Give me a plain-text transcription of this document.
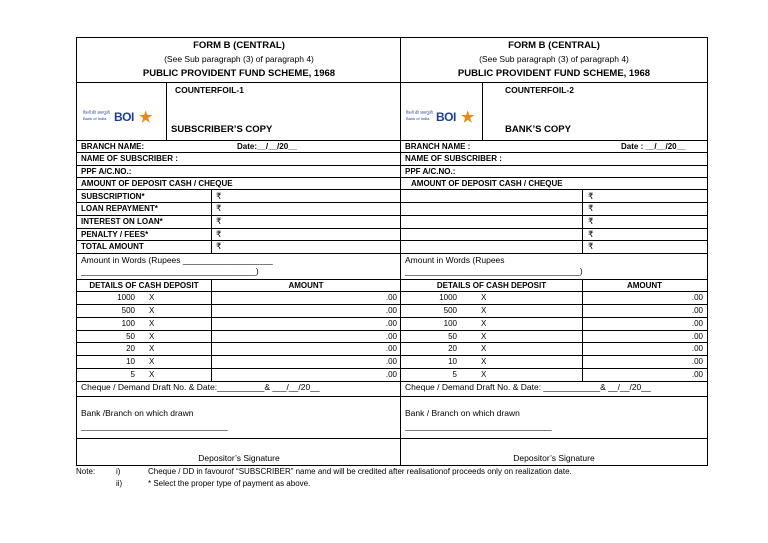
FORM B (CENTRAL)
(See Sub paragraph (3) of paragraph 4)
PUBLIC PROVIDENT FUND SCHEME, 1968
COUNTERFOIL-1
SUBSCRIBER’S COPY
रिश्तों की जमापूंजी
Bank of India BOI ★
BRANCH NAME:	Date:__/__/20__
NAME OF SUBSCRIBER :
PPF A/C.NO.:
AMOUNT OF DEPOSIT CASH / CHEQUE
SUBSCRIPTION*	₹
LOAN REPAYMENT*	₹
INTEREST ON LOAN*	₹
PENALTY / FEES*	₹
TOTAL AMOUNT	₹
Amount in Words (Rupees ___________________
_____________________________________)
DETAILS OF CASH DEPOSIT	AMOUNT
1000 X	.00
500 X	.00
100 X	.00
50 X	.00
20 X	.00
10 X	.00
5 X	.00
Cheque / Demand Draft No. & Date:__________& ___/__/20__
Bank /Branch on which drawn
_______________________________
Depositor’s Signature
FORM B (CENTRAL)
(See Sub paragraph (3) of paragraph 4)
PUBLIC PROVIDENT FUND SCHEME, 1968
COUNTERFOIL-2
BANK’S COPY
रिश्तों की जमापूंजी
Bank of India BOI ★
BRANCH NAME :	Date : __/__/20__
NAME OF SUBSCRIBER :
PPF A/C.NO.:
AMOUNT OF DEPOSIT CASH / CHEQUE
₹
₹
₹
₹
₹
Amount in Words (Rupees
_____________________________________)
DETAILS OF CASH DEPOSIT	AMOUNT
1000	X	.00
500	X	.00
100	X	.00
50	X	.00
20	X	.00
10	X	.00
5	X	.00
Cheque / Demand Draft No. & Date: ____________& __/__/20__
Bank / Branch on which drawn
_______________________________
Depositor’s Signature
Note:	i)	Cheque / DD in favourof “SUBSCRIBER” name and will be credited after realisationof proceeds only on realization date.
ii)	* Select the proper type of payment as above.
